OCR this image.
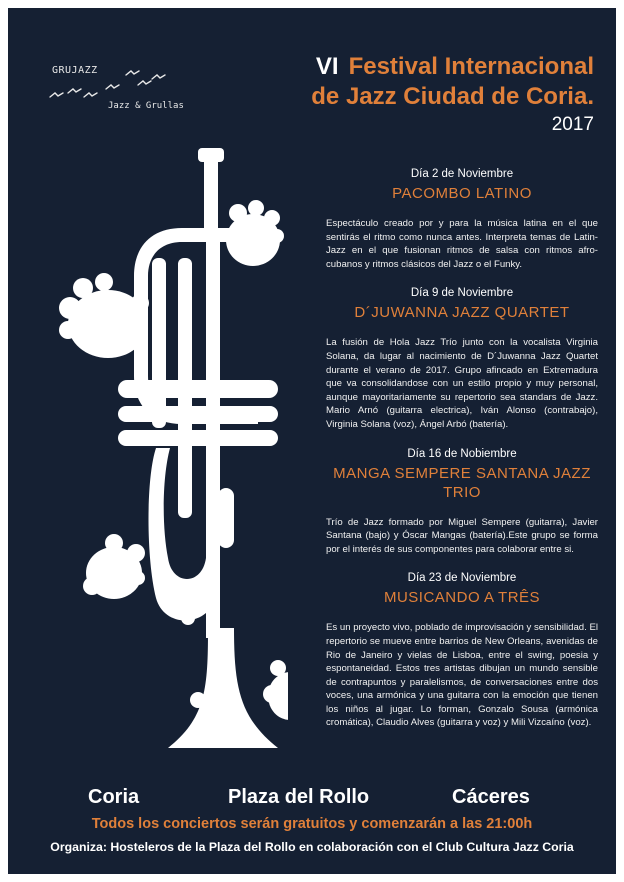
GRUJAZZ
Jazz & Grullas
VI Festival Internacional
de Jazz Ciudad de Coria.
2017

Día 2 de Noviembre

PACOMBO LATINO

Espectáculo creado por y para la música latina en el que sentirás el ritmo como nunca antes. Interpreta temas de Latin-Jazz en el que fusionan ritmos de salsa con ritmos afro-cubanos y ritmos clásicos del Jazz o el Funky.

Día 9 de Noviembre

D´JUWANNA JAZZ QUARTET

La fusión de Hola Jazz Trío junto con la vocalista Virginia Solana, da lugar al nacimiento de D´Juwanna Jazz Quartet durante el verano de 2017. Grupo afincado en Extremadura que va consolidandose con un estilo propio y muy personal, aunque mayoritariamente su repertorio sea standars de Jazz. Mario Arnó (guitarra electrica), Iván Alonso (contrabajo), Virginia Solana (voz), Ángel Arbó (batería).

Día 16 de Nobiembre

MANGA SEMPERE SANTANA JAZZ TRIO

Trío de Jazz formado por Miguel Sempere (guitarra), Javier Santana (bajo) y Óscar Mangas (batería).Este grupo se forma por el interés de sus componentes para colaborar entre si.

Día 23 de Noviembre

MUSICANDO A TRÊS

Es un proyecto vivo, poblado de improvisación y sensibilidad. El repertorio se mueve entre barrios de New Orleans, avenidas de Rio de Janeiro y vielas de Lisboa, entre el swing, poesia y espontaneidad. Estos tres artistas dibujan un mundo sensible de contrapuntos y paralelismos, de conversaciones entre dos voces, una armónica y una guitarra con la emoción que tienen los niños al jugar. Lo forman, Gonzalo Sousa (armónica cromática), Claudio Alves (guitarra y voz) y Mili Vizcaíno (voz).

Coria	Plaza del Rollo	Cáceres
Todos los conciertos serán gratuitos y comenzarán a las 21:00h
Organiza: Hosteleros de la Plaza del Rollo en colaboración con el Club Cultura Jazz Coria
